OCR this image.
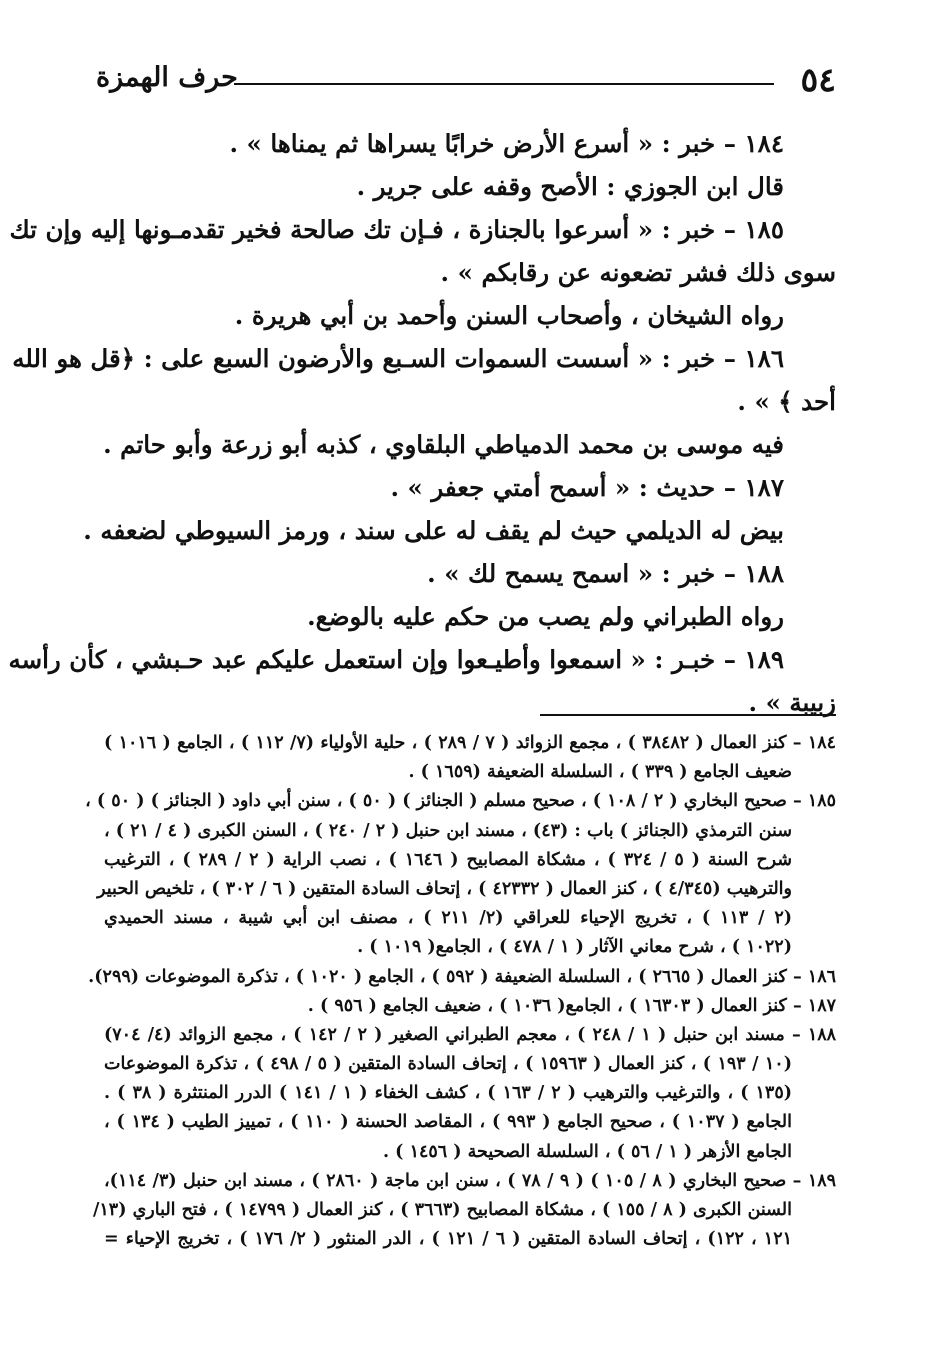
٥٤
حرف الهمزة
١٨٤ – خبر : « أسرع الأرض خرابًا يسراها ثم يمناها » .
قال ابن الجوزي : الأصح وقفه على جرير .
١٨٥ – خبر : « أسرعوا بالجنازة ، فـإن تك صالحة فخير تقدمـونها إليه وإن تك
سوى ذلك فشر تضعونه عن رقابكم » .
رواه الشيخان ، وأصحاب السنن وأحمد بن أبي هريرة .
١٨٦ – خبر : « أسست السموات السـبع والأرضون السبع على : ﴿قل هو الله
أحد ﴾ » .
فيه موسى بن محمد الدمياطي البلقاوي ، كذبه أبو زرعة وأبو حاتم .
١٨٧ – حديث : « أسمح أمتي جعفر » .
بيض له الديلمي حيث لم يقف له على سند ، ورمز السيوطي لضعفه .
١٨٨ – خبر : « اسمح يسمح لك » .
رواه الطبراني ولم يصب من حكم عليه بالوضع.
١٨٩ – خبـر : « اسمعوا وأطيـعوا وإن استعمل عليكم عبد حـبشي ، كأن رأسه
زبيبة » .
١٨٤ – كنز العمال ( ٣٨٤٨٢ ) ، مجمع الزوائد ( ٧ / ٢٨٩ ) ، حلية الأولياء (٧/ ١١٢ ) ، الجامع ( ١٠١٦ )
ضعيف الجامع ( ٣٣٩ ) ، السلسلة الضعيفة (١٦٥٩ ) .
١٨٥ – صحيح البخاري ( ٢ / ١٠٨ ) ، صحيح مسلم ( الجنائز ) ( ٥٠ ) ، سنن أبي داود ( الجنائز ) ( ٥٠ ) ،
سنن الترمذي (الجنائز ) باب : (٤٣) ، مسند ابن حنبل ( ٢ / ٢٤٠ ) ، السنن الكبرى ( ٤ / ٢١ ) ،
شرح السنة ( ٥ / ٣٢٤ ) ، مشكاة المصابيح ( ١٦٤٦ ) ، نصب الراية ( ٢ / ٢٨٩ ) ، الترغيب
والترهيب (٤/٣٤٥ ) ، كنز العمال ( ٤٢٣٣٢ ) ، إتحاف السادة المتقين ( ٦ / ٣٠٢ ) ، تلخيص الحبير
(٢ / ١١٣ ) ، تخريج الإحياء للعراقي (٢/ ٢١١ ) ، مصنف ابن أبي شيبة ، مسند الحميدي
(١٠٢٢ ) ، شرح معاني الآثار ( ١ / ٤٧٨ ) ، الجامع( ١٠١٩ ) .
١٨٦ – كنز العمال ( ٢٦٦٥ ) ، السلسلة الضعيفة ( ٥٩٢ ) ، الجامع ( ١٠٢٠ ) ، تذكرة الموضوعات (٢٩٩).
١٨٧ – كنز العمال ( ١٦٣٠٣ ) ، الجامع( ١٠٣٦ ) ، ضعيف الجامع ( ٩٥٦ ) .
١٨٨ – مسند ابن حنبل ( ١ / ٢٤٨ ) ، معجم الطبراني الصغير ( ٢ / ١٤٢ ) ، مجمع الزوائد (٤/ ٧٠٤)
(١٠ / ١٩٣ ) ، كنز العمال ( ١٥٩٦٣ ) ، إتحاف السادة المتقين ( ٥ / ٤٩٨ ) ، تذكرة الموضوعات
(١٣٥ ) ، والترغيب والترهيب ( ٢ / ١٦٣ ) ، كشف الخفاء ( ١ / ١٤١ ) الدرر المنتثرة ( ٣٨ ) .
الجامع ( ١٠٣٧ ) ، صحيح الجامع ( ٩٩٣ ) ، المقاصد الحسنة ( ١١٠ ) ، تمييز الطيب ( ١٣٤ ) ،
الجامع الأزهر ( ١ / ٥٦ ) ، السلسلة الصحيحة ( ١٤٥٦ ) .
١٨٩ – صحيح البخاري ( ٨ / ١٠٥ ) ( ٩ / ٧٨ ) ، سنن ابن ماجة ( ٢٨٦٠ ) ، مسند ابن حنبل (٣/ ١١٤)،
السنن الكبرى ( ٨ / ١٥٥ ) ، مشكاة المصابيح (٣٦٦٣ ) ، كنز العمال ( ١٤٧٩٩ ) ، فتح الباري (١٣/
١٢١ ، ١٢٢) ، إتحاف السادة المتقين ( ٦ / ١٢١ ) ، الدر المنثور ( ٢/ ١٧٦ ) ، تخريج الإحياء =
